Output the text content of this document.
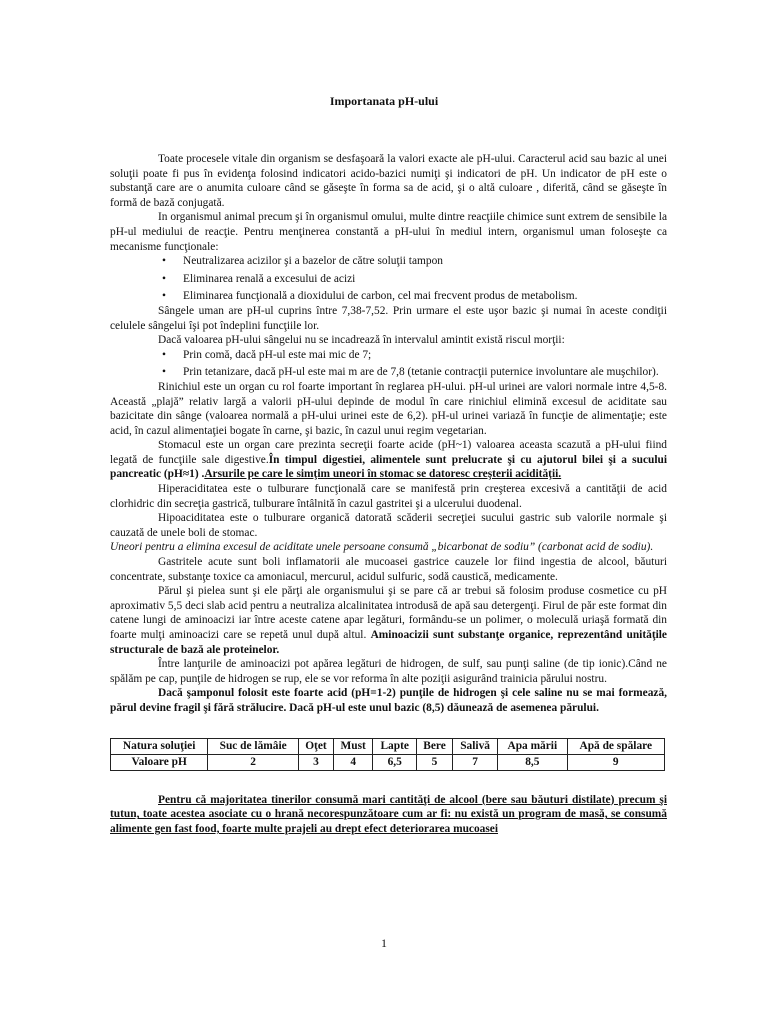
Importanata pH-ului

Toate procesele vitale din organism se desfaşoară la valori exacte ale pH-ului. Caracterul acid sau bazic al unei soluţii poate fi pus în evidenţa folosind indicatori acido-bazici numiţi şi indicatori de pH. Un indicator de pH este o substanţă care are o anumita culoare când se găseşte în forma sa de acid, şi o altă culoare , diferită, când se găseşte în formă de bază conjugată.

In organismul animal precum şi în organismul omului, multe dintre reacţiile chimice sunt extrem de sensibile la pH-ul mediului de reacţie. Pentru menţinerea constantă a pH-ului în mediul intern, organismul uman foloseşte ca mecanisme funcţionale:

• Neutralizarea acizilor şi a bazelor de către soluţii tampon
• Eliminarea renală a excesului de acizi
• Eliminarea funcţională a dioxidului de carbon, cel mai frecvent produs de metabolism.

Sângele uman are pH-ul cuprins între 7,38-7,52. Prin urmare el este uşor bazic şi numai în aceste condiţii celulele sângelui îşi pot îndeplini funcţiile lor.

Dacă valoarea pH-ului sângelui nu se incadrează în intervalul amintit există riscul morţii:

• Prin comă, dacă pH-ul este mai mic de 7;
• Prin tetanizare, dacă pH-ul este mai m are de 7,8 (tetanie contracţii puternice involuntare ale muşchilor).

Rinichiul este un organ cu rol foarte important în reglarea pH-ului. pH-ul urinei are valori normale intre 4,5-8. Această „plajă” relativ largă a valorii pH-ului depinde de modul în care rinichiul elimină excesul de aciditate sau bazicitate din sânge (valoarea normală a pH-ului urinei este de 6,2). pH-ul urinei variază în funcţie de alimentaţie; este acid, în cazul alimentaţiei bogate în carne, şi bazic, în cazul unui regim vegetarian.

Stomacul este un organ care prezinta secreţii foarte acide (pH~1) valoarea aceasta scazută a pH-ului fiind legată de funcţiile sale digestive.În timpul digestiei, alimentele sunt prelucrate şi cu ajutorul bilei şi a sucului pancreatic (pH≈1) .Arsurile pe care le simţim uneori în stomac se datoresc creşterii acidităţii.

Hiperaciditatea este o tulburare funcţională care se manifestă prin creşterea excesivă a cantităţii de acid clorhidric din secreţia gastrică, tulburare întâlnită în cazul gastritei şi a ulcerului duodenal.

Hipoaciditatea este o tulburare organică datorată scăderii secreţiei sucului gastric sub valorile normale şi cauzată de unele boli de stomac.

Uneori pentru a elimina excesul de aciditate unele persoane consumă „bicarbonat de sodiu” (carbonat acid de sodiu).

Gastritele acute sunt boli inflamatorii ale mucoasei gastrice cauzele lor fiind ingestia de alcool, băuturi concentrate, substanţe toxice ca amoniacul, mercurul, acidul sulfuric, sodă caustică, medicamente.

Părul şi pielea sunt şi ele părţi ale organismului şi se pare că ar trebui să folosim produse cosmetice cu pH aproximativ 5,5 deci slab acid pentru a neutraliza alcalinitatea introdusă de apă sau detergenţi. Firul de păr este format din catene lungi de aminoacizi iar între aceste catene apar legături, formându-se un polimer, o moleculă uriaşă formată din foarte mulţi aminoacizi care se repetă unul după altul. Aminoacizii sunt substanţe organice, reprezentând unităţile structurale de bază ale proteinelor.

Între lanţurile de aminoacizi pot apărea legături de hidrogen, de sulf, sau punţi saline (de tip ionic).Când ne spălăm pe cap, punţile de hidrogen se rup, ele se vor reforma în alte poziţii asigurând trainicia părului nostru.

Dacă şamponul folosit este foarte acid (pH=1-2) punţile de hidrogen şi cele saline nu se mai formează, părul devine fragil şi fără strălucire. Dacă pH-ul este unul bazic (8,5) dăunează de asemenea părului.

Natura soluţiei	Suc de lămâie	Oţet	Must	Lapte	Bere	Salivă	Apa mării	Apă de spălare
Valoare pH	2	3	4	6,5	5	7	8,5	9

Pentru că majoritatea tinerilor consumă mari cantităţi de alcool (bere sau băuturi distilate) precum şi tutun, toate acestea asociate cu o hrană necorespunzătoare cum ar fi: nu există un program de masă, se consumă alimente gen fast food, foarte multe prajeli au drept efect deteriorarea mucoasei

1
